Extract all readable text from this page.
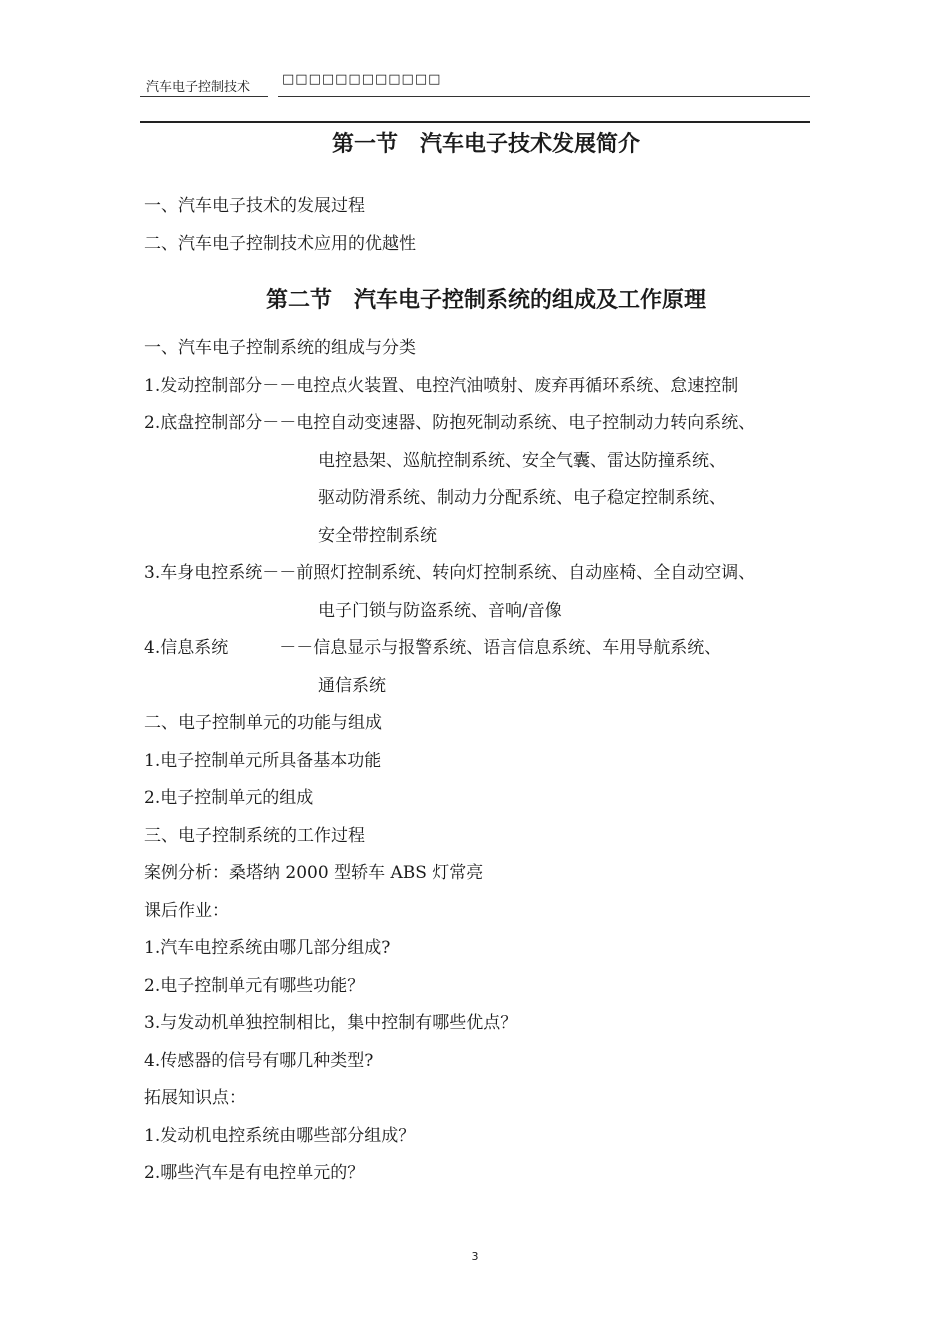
汽车电子控制技术
□□□□□□□□□□□□
第一节　汽车电子技术发展简介
一、汽车电子技术的发展过程
二、汽车电子控制技术应用的优越性
第二节　汽车电子控制系统的组成及工作原理
一、汽车电子控制系统的组成与分类
1.发动控制部分－－电控点火装置、电控汽油喷射、废弃再循环系统、怠速控制
2.底盘控制部分－－电控自动变速器、防抱死制动系统、电子控制动力转向系统、
电控悬架、巡航控制系统、安全气囊、雷达防撞系统、
驱动防滑系统、制动力分配系统、电子稳定控制系统、
安全带控制系统
3.车身电控系统－－前照灯控制系统、转向灯控制系统、自动座椅、全自动空调、
电子门锁与防盗系统、音响/音像
4.信息系统　　　－－信息显示与报警系统、语言信息系统、车用导航系统、
通信系统
二、电子控制单元的功能与组成
1.电子控制单元所具备基本功能
2.电子控制单元的组成
三、电子控制系统的工作过程
案例分析：桑塔纳 2000 型轿车 ABS 灯常亮
课后作业：
1.汽车电控系统由哪几部分组成?
2.电子控制单元有哪些功能？
3.与发动机单独控制相比，集中控制有哪些优点？
4.传感器的信号有哪几种类型?
拓展知识点：
1.发动机电控系统由哪些部分组成？
2.哪些汽车是有电控单元的？
3
